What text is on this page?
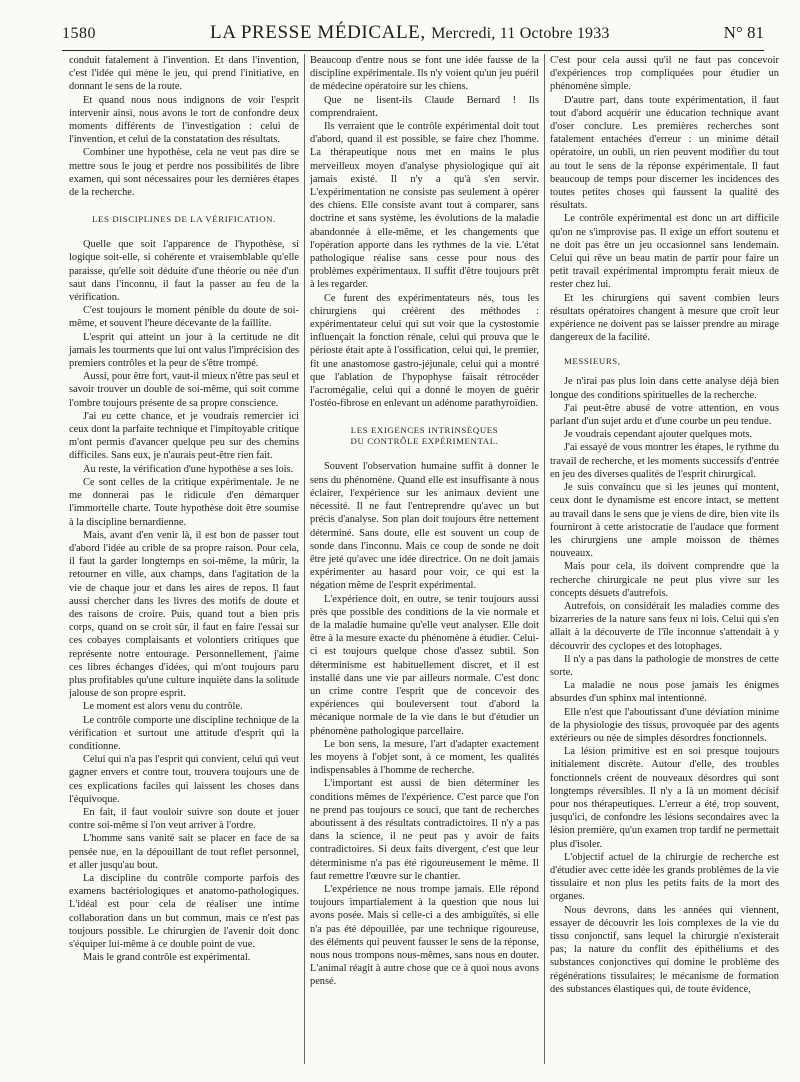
1580	LA PRESSE MÉDICALE, Mercredi, 11 Octobre 1933	N° 81

conduit fatalement à l'invention. Et dans l'invention, c'est l'idée qui mène le jeu, qui prend l'initiative, en donnant le sens de la route.

Et quand nous nous indignons de voir l'esprit intervenir ainsi, nous avons le tort de confondre deux moments différents de l'investigation : celui de l'invention, et celui de la constatation des résultats.

Combiner une hypothèse, cela ne veut pas dire se mettre sous le joug et perdre nos possibilités de libre examen, qui sont nécessaires pour les dernières étapes de la recherche.

LES DISCIPLINES DE LA VÉRIFICATION.

Quelle que soit l'apparence de l'hypothèse, si logique soit-elle, si cohérente et vraisemblable qu'elle paraisse, qu'elle soit déduite d'une théorie ou née d'un saut dans l'inconnu, il faut la passer au feu de la vérification.

C'est toujours le moment pénible du doute de soi-même, et souvent l'heure décevante de la faillite.

L'esprit qui atteint un jour à la certitude ne dit jamais les tourments que lui ont valus l'imprécision des premiers contrôles et la peur de s'être trompé.

Aussi, pour être fort, vaut-il mieux n'être pas seul et savoir trouver un double de soi-même, qui soit comme l'ombre toujours présente de sa propre conscience.

J'ai eu cette chance, et je voudrais remercier ici ceux dont la parfaite technique et l'impitoyable critique m'ont permis d'avancer quelque peu sur des chemins difficiles. Sans eux, je n'aurais peut-être rien fait.

Au reste, la vérification d'une hypothèse a ses lois.

Ce sont celles de la critique expérimentale. Je ne me donnerai pas le ridicule d'en démarquer l'immortelle charte. Toute hypothèse doit être soumise à la discipline bernardienne.

Mais, avant d'en venir là, il est bon de passer tout d'abord l'idée au crible de sa propre raison. Pour cela, il faut la garder longtemps en soi-même, la mûrir, la retourner en ville, aux champs, dans l'agitation de la vie de chaque jour et dans les aires de repos. Il faut aussi chercher dans les livres des motifs de doute et des raisons de croire. Puis, quand tout a bien pris corps, quand on se croit sûr, il faut en faire l'essai sur ces cobayes complaisants et volontiers critiques que représente notre entourage. Personnellement, j'aime ces libres échanges d'idées, qui m'ont toujours paru plus profitables qu'une culture inquiète dans la solitude jalouse de son propre esprit.

Le moment est alors venu du contrôle.

Le contrôle comporte une discipline technique de la vérification et surtout une attitude d'esprit qui la conditionne.

Celui qui n'a pas l'esprit qui convient, celui qui veut gagner envers et contre tout, trouvera toujours une de ces explications faciles qui laissent les choses dans l'équivoque.

En fait, il faut vouloir suivre son doute et jouer contre soi-même si l'on veut arriver à l'ordre.

L'homme sans vanité sait se placer en face de sa pensée nue, en la dépouillant de tout reflet personnel, et aller jusqu'au bout.

La discipline du contrôle comporte parfois des examens bactériologiques et anatomo-pathologiques. L'idéal est pour cela de réaliser une intime collaboration dans un but commun, mais ce n'est pas toujours possible. Le chirurgien de l'avenir doit donc s'équiper lui-même à ce double point de vue.

Mais le grand contrôle est expérimental.

Beaucoup d'entre nous se font une idée fausse de la discipline expérimentale. Ils n'y voient qu'un jeu puéril de médecine opératoire sur les chiens.

Que ne lisent-ils Claude Bernard ! Ils comprendraient.

Ils verraient que le contrôle expérimental doit tout d'abord, quand il est possible, se faire chez l'homme. La thérapeutique nous met en mains le plus merveilleux moyen d'analyse physiologique qui ait jamais existé. Il n'y a qu'à s'en servir. L'expérimentation ne consiste pas seulement à opérer des chiens. Elle consiste avant tout à comparer, sans doctrine et sans système, les évolutions de la maladie abandonnée à elle-même, et les changements que l'opération apporte dans les rythmes de la vie. L'état pathologique réalise sans cesse pour nous des problèmes expérimentaux. Il suffit d'être toujours prêt à les regarder.

Ce furent des expérimentateurs nés, tous les chirurgiens qui créèrent des méthodes : expérimentateur celui qui sut voir que la cystostomie influençait la fonction rénale, celui qui prouva que le périoste était apte à l'ossification, celui qui, le premier, fit une anastomose gastro-jéjunale, celui qui a montré que l'ablation de l'hypophyse faisait rétrocéder l'acromégalie, celui qui a donné le moyen de guérir l'ostéo-fibrose en enlevant un adénome parathyroïdien.

LES EXIGENCES INTRINSÈQUES
DU CONTRÔLE EXPÉRIMENTAL.

Souvent l'observation humaine suffit à donner le sens du phénomène. Quand elle est insuffisante à nous éclairer, l'expérience sur les animaux devient une nécessité. Il ne faut l'entreprendre qu'avec un but précis d'analyse. Son plan doit toujours être nettement déterminé. Sans doute, elle est souvent un coup de sonde dans l'inconnu. Mais ce coup de sonde ne doit être jeté qu'avec une idée directrice. On ne doit jamais expérimenter au hasard pour voir, ce qui est la négation même de l'esprit expérimental.

L'expérience doit, en outre, se tenir toujours aussi près que possible des conditions de la vie normale et de la maladie humaine qu'elle veut analyser. Elle doit être à la mesure exacte du phénomène à étudier. Celui-ci est toujours quelque chose d'assez subtil. Son déterminisme est habituellement discret, et il est installé dans une vie par ailleurs normale. C'est donc un crime contre l'esprit que de concevoir des expériences qui bouleversent tout d'abord la mécanique normale de la vie dans le but d'étudier un phénomène pathologique parcellaire.

Le bon sens, la mesure, l'art d'adapter exactement les moyens à l'objet sont, à ce moment, les qualités indispensables à l'homme de recherche.

L'important est aussi de bien déterminer les conditions mêmes de l'expérience. C'est parce que l'on ne prend pas toujours ce souci, que tant de recherches aboutissent à des résultats contradictoires. Il n'y a pas dans la science, il ne peut pas y avoir de faits contradictoires. Si deux faits divergent, c'est que leur déterminisme n'a pas été rigoureusement le même. Il faut remettre l'œuvre sur le chantier.

L'expérience ne nous trompe jamais. Elle répond toujours impartialement à la question que nous lui avons posée. Mais si celle-ci a des ambiguïtés, si elle n'a pas été dépouillée, par une technique rigoureuse, des éléments qui peuvent fausser le sens de la réponse, nous nous trompons nous-mêmes, sans nous en douter. L'animal réagit à autre chose que ce à quoi nous avons pensé.

C'est pour cela aussi qu'il ne faut pas concevoir d'expériences trop compliquées pour étudier un phénomène simple.

D'autre part, dans toute expérimentation, il faut tout d'abord acquérir une éducation technique avant d'oser conclure. Les premières recherches sont fatalement entachées d'erreur : un minime détail opératoire, un oubli, un rien peuvent modifier du tout au tout le sens de la réponse expérimentale. Il faut beaucoup de temps pour discerner les incidences des toutes petites choses qui faussent la qualité des résultats.

Le contrôle expérimental est donc un art difficile qu'on ne s'improvise pas. Il exige un effort soutenu et ne doit pas être un jeu occasionnel sans lendemain. Celui qui rêve un beau matin de partir pour faire un petit travail expérimental impromptu ferait mieux de rester chez lui.

Et les chirurgiens qui savent combien leurs résultats opératoires changent à mesure que croît leur expérience ne doivent pas se laisser prendre au mirage dangereux de la facilité.

MESSIEURS,

Je n'irai pas plus loin dans cette analyse déjà bien longue des conditions spirituelles de la recherche.

J'ai peut-être abusé de votre attention, en vous parlant d'un sujet ardu et d'une courbe un peu tendue.

Je voudrais cependant ajouter quelques mots.

J'ai essayé de vous montrer les étapes, le rythme du travail de recherche, et les moments successifs d'entrée en jeu des diverses qualités de l'esprit chirurgical.

Je suis convaincu que si les jeunes qui montent, ceux dont le dynamisme est encore intact, se mettent au travail dans le sens que je viens de dire, bien vite ils fourniront à cette aristocratie de l'audace que forment les chirurgiens une ample moisson de thèmes nouveaux.

Mais pour cela, ils doivent comprendre que la recherche chirurgicale ne peut plus vivre sur les concepts désuets d'autrefois.

Autrefois, on considérait les maladies comme des bizarreries de la nature sans feux ni lois. Celui qui s'en allait à la découverte de l'île inconnue s'attendait à y découvrir des cyclopes et des lotophages.

Il n'y a pas dans la pathologie de monstres de cette sorte.

La maladie ne nous pose jamais les énigmes absurdes d'un sphinx mal intentionné.

Elle n'est que l'aboutissant d'une déviation minime de la physiologie des tissus, provoquée par des agents extérieurs ou née de simples désordres fonctionnels.

La lésion primitive est en soi presque toujours initialement discrète. Autour d'elle, des troubles fonctionnels créent de nouveaux désordres qui sont longtemps réversibles. Il n'y a là un moment décisif pour nos thérapeutiques. L'erreur a été, trop souvent, jusqu'ici, de confondre les lésions secondaires avec la lésion première, qu'un examen trop tardif ne permettait plus d'isoler.

L'objectif actuel de la chirurgie de recherche est d'étudier avec cette idée les grands problèmes de la vie tissulaire et non plus les petits faits de la mort des organes.

Nous devrons, dans les années qui viennent, essayer de découvrir les lois complexes de la vie du tissu conjonctif, sans lequel la chirurgie n'existerait pas; la nature du conflit des épithéliums et des substances conjonctives qui domine le problème des régénérations tissulaires; le mécanisme de formation des substances élastiques qui, de toute évidence,
